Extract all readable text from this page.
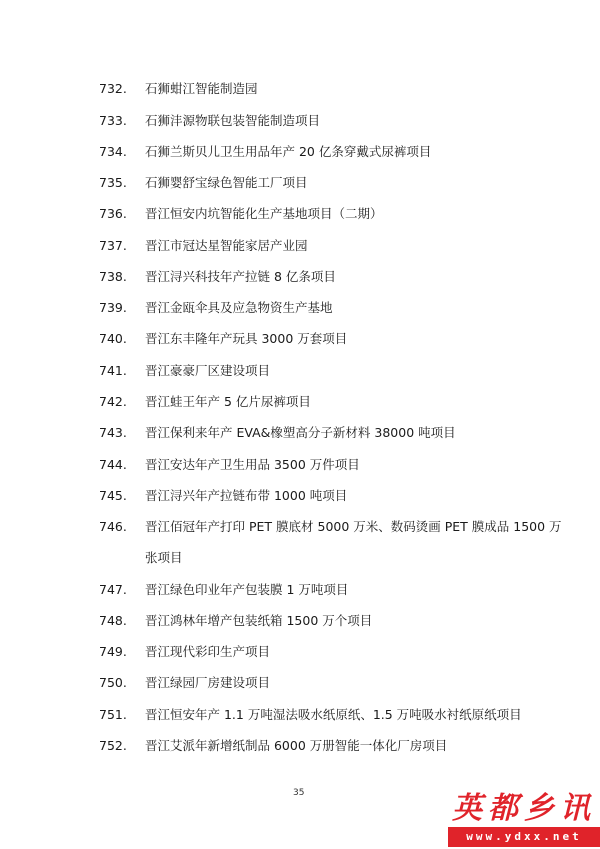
732. 石狮蚶江智能制造园
733. 石狮沣源物联包装智能制造项目
734. 石狮兰斯贝儿卫生用品年产 20 亿条穿戴式尿裤项目
735. 石狮婴舒宝绿色智能工厂项目
736. 晋江恒安内坑智能化生产基地项目（二期）
737. 晋江市冠达星智能家居产业园
738. 晋江浔兴科技年产拉链 8 亿条项目
739. 晋江金瓯伞具及应急物资生产基地
740. 晋江东丰隆年产玩具 3000 万套项目
741. 晋江豪豪厂区建设项目
742. 晋江蛙王年产 5 亿片尿裤项目
743. 晋江保利来年产 EVA&橡塑高分子新材料 38000 吨项目
744. 晋江安达年产卫生用品 3500 万件项目
745. 晋江浔兴年产拉链布带 1000 吨项目
746. 晋江佰冠年产打印 PET 膜底材 5000 万米、数码烫画 PET 膜成品 1500 万
张项目
747. 晋江绿色印业年产包装膜 1 万吨项目
748. 晋江鸿林年增产包装纸箱 1500 万个项目
749. 晋江现代彩印生产项目
750. 晋江绿园厂房建设项目
751. 晋江恒安年产 1.1 万吨湿法吸水纸原纸、1.5 万吨吸水衬纸原纸项目
752. 晋江艾派年新增纸制品 6000 万册智能一体化厂房项目
35	英都乡讯
www.ydxx.net
